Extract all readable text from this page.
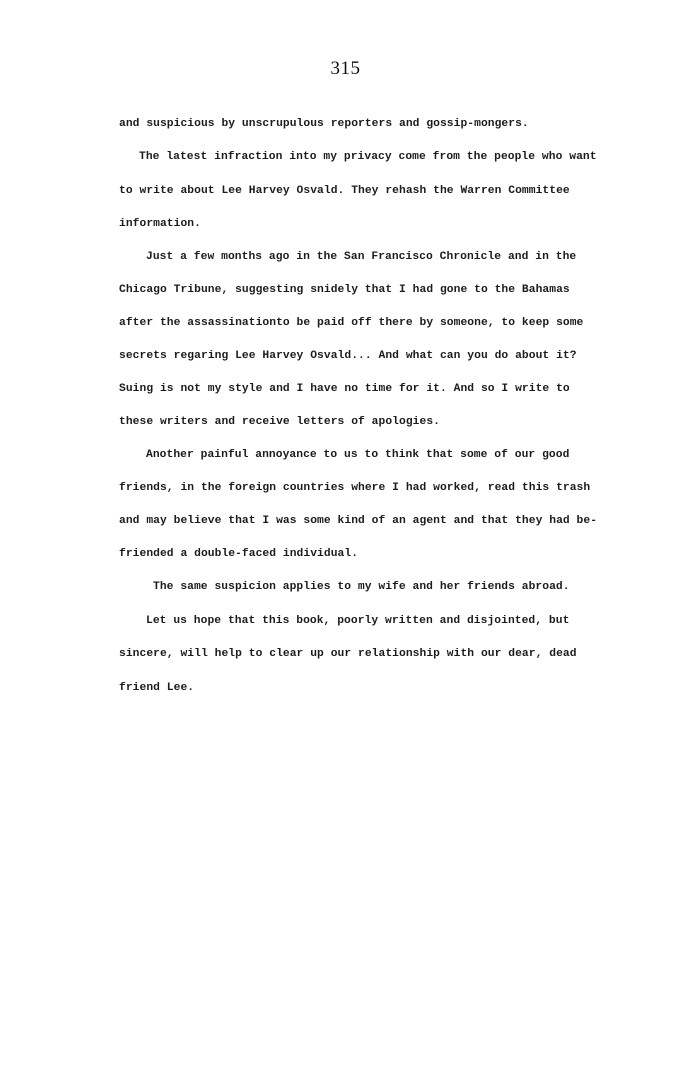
315
and suspicious by unscrupulous reporters and gossip-mongers.
The latest infraction into my privacy come from the people who want
to write about Lee Harvey Osvald. They rehash the Warren Committee
information.
Just a few months ago in the San Francisco Chronicle and in the
Chicago Tribune, suggesting snidely that I had gone to the Bahamas
after the assassinationto be paid off there by someone, to keep some
secrets regaring Lee Harvey Osvald... And what can you do about it?
Suing is not my style and I have no time for it. And so I write to
these writers and receive letters of apologies.
Another painful annoyance to us to think that some of our good
friends, in the foreign countries where I had worked, read this trash
and may believe that I was some kind of an agent and that they had be-
friended a double-faced individual.
The same suspicion applies to my wife and her friends abroad.
Let us hope that this book, poorly written and disjointed, but
sincere, will help to clear up our relationship with our dear, dead
friend Lee.
